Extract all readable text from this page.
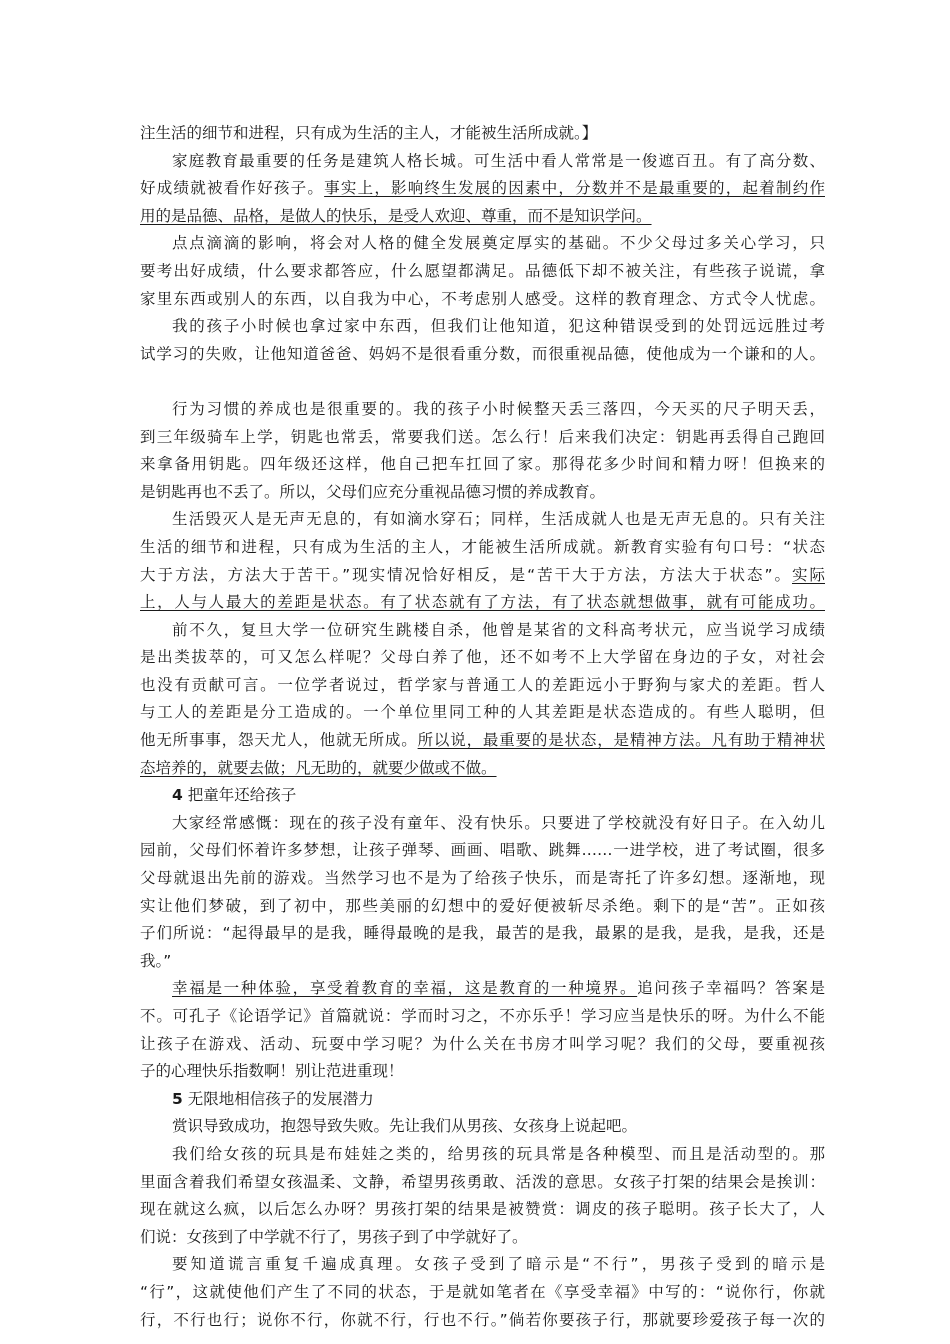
注生活的细节和进程，只有成为生活的主人，才能被生活所成就。】
家庭教育最重要的任务是建筑人格长城。可生活中看人常常是一俊遮百丑。有了高分数、
好成绩就被看作好孩子。事实上，影响终生发展的因素中，分数并不是最重要的，起着制约作
用的是品德、品格，是做人的快乐，是受人欢迎、尊重，而不是知识学问。
点点滴滴的影响，将会对人格的健全发展奠定厚实的基础。不少父母过多关心学习，只
要考出好成绩，什么要求都答应，什么愿望都满足。品德低下却不被关注，有些孩子说谎，拿
家里东西或别人的东西，以自我为中心，不考虑别人感受。这样的教育理念、方式令人忧虑。
我的孩子小时候也拿过家中东西，但我们让他知道，犯这种错误受到的处罚远远胜过考
试学习的失败，让他知道爸爸、妈妈不是很看重分数，而很重视品德，使他成为一个谦和的人。
行为习惯的养成也是很重要的。我的孩子小时候整天丢三落四，今天买的尺子明天丢，
到三年级骑车上学，钥匙也常丢，常要我们送。怎么行！后来我们决定：钥匙再丢得自己跑回
来拿备用钥匙。四年级还这样，他自己把车扛回了家。那得花多少时间和精力呀！但换来的
是钥匙再也不丢了。所以，父母们应充分重视品德习惯的养成教育。
生活毁灭人是无声无息的，有如滴水穿石；同样，生活成就人也是无声无息的。只有关注
生活的细节和进程，只有成为生活的主人，才能被生活所成就。新教育实验有句口号：“状态
大于方法，方法大于苦干。”现实情况恰好相反，是“苦干大于方法，方法大于状态”。实际
上，人与人最大的差距是状态。有了状态就有了方法，有了状态就想做事，就有可能成功。
前不久，复旦大学一位研究生跳楼自杀，他曾是某省的文科高考状元，应当说学习成绩
是出类拔萃的，可又怎么样呢？父母白养了他，还不如考不上大学留在身边的子女，对社会
也没有贡献可言。一位学者说过，哲学家与普通工人的差距远小于野狗与家犬的差距。哲人
与工人的差距是分工造成的。一个单位里同工种的人其差距是状态造成的。有些人聪明，但
他无所事事，怨天尤人，他就无所成。所以说，最重要的是状态，是精神方法。凡有助于精神状
态培养的，就要去做；凡无助的，就要少做或不做。
4 把童年还给孩子
大家经常感慨：现在的孩子没有童年、没有快乐。只要进了学校就没有好日子。在入幼儿
园前，父母们怀着许多梦想，让孩子弹琴、画画、唱歌、跳舞……一进学校，进了考试圈，很多
父母就退出先前的游戏。当然学习也不是为了给孩子快乐，而是寄托了许多幻想。逐渐地，现
实让他们梦破，到了初中，那些美丽的幻想中的爱好便被斩尽杀绝。剩下的是“苦”。正如孩
子们所说：“起得最早的是我，睡得最晚的是我，最苦的是我，最累的是我，是我，是我，还是
我。”
幸福是一种体验，享受着教育的幸福，这是教育的一种境界。追问孩子幸福吗？答案是
不。可孔子《论语学记》首篇就说：学而时习之，不亦乐乎！学习应当是快乐的呀。为什么不能
让孩子在游戏、活动、玩耍中学习呢？为什么关在书房才叫学习呢？我们的父母，要重视孩
子的心理快乐指数啊！别让范进重现！
5 无限地相信孩子的发展潜力
赏识导致成功，抱怨导致失败。先让我们从男孩、女孩身上说起吧。
我们给女孩的玩具是布娃娃之类的，给男孩的玩具常是各种模型、而且是活动型的。那
里面含着我们希望女孩温柔、文静，希望男孩勇敢、活泼的意思。女孩子打架的结果会是挨训：
现在就这么疯，以后怎么办呀？男孩打架的结果是被赞赏：调皮的孩子聪明。孩子长大了，人
们说：女孩到了中学就不行了，男孩子到了中学就好了。
要知道谎言重复千遍成真理。女孩子受到了暗示是“不行”，男孩子受到的暗示是
“行”，这就使他们产生了不同的状态，于是就如笔者在《享受幸福》中写的：“说你行，你就
行，不行也行；说你不行，你就不行，行也不行。”倘若你要孩子行，那就要珍爱孩子每一次的
